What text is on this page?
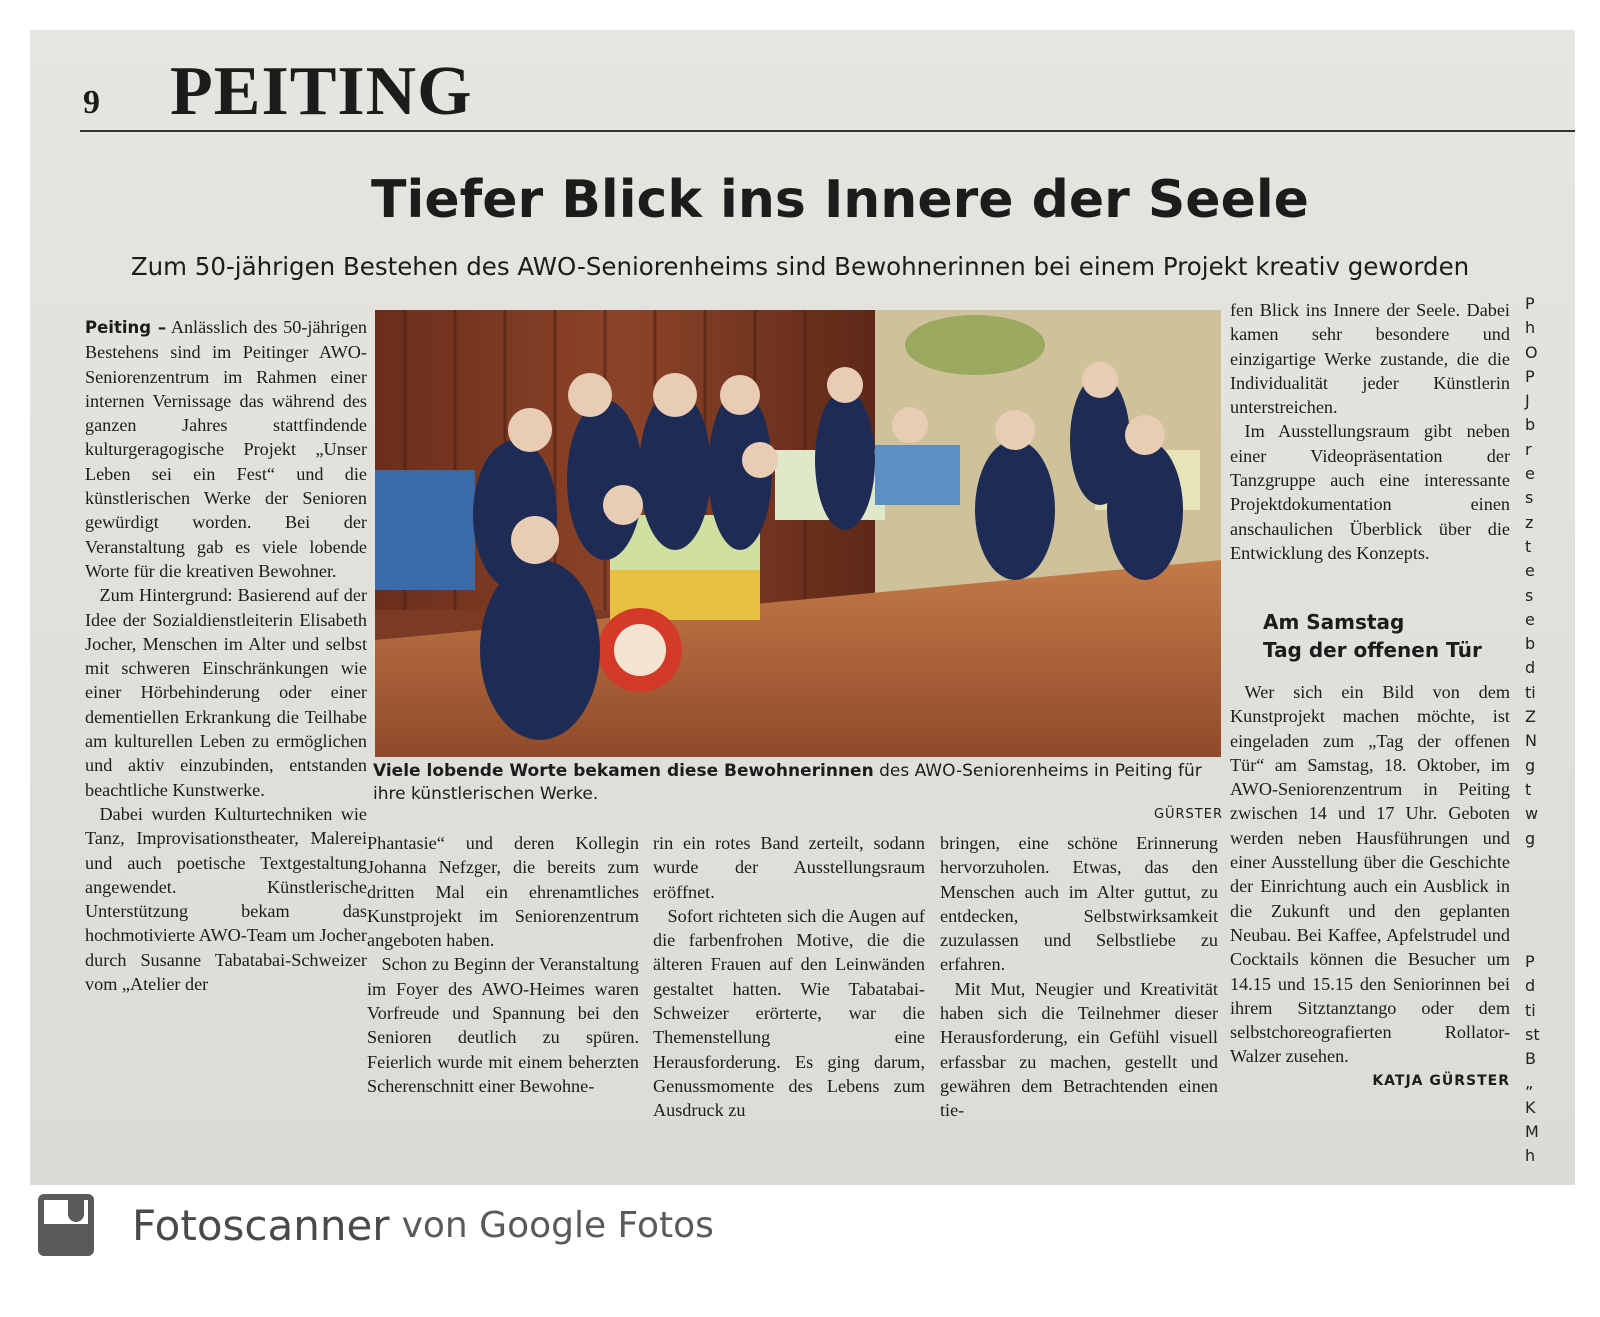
9 PEITING
Tiefer Blick ins Innere der Seele
Zum 50-jährigen Bestehen des AWO-Seniorenheims sind Bewohnerinnen bei einem Projekt kreativ geworden

Peiting – Anlässlich des 50-jährigen Bestehens sind im Peitinger AWO-Seniorenzentrum im Rahmen einer internen Vernissage das während des ganzen Jahres stattfindende kulturgeragogische Projekt „Unser Leben sei ein Fest“ und die künstlerischen Werke der Senioren gewürdigt worden. Bei der Veranstaltung gab es viele lobende Worte für die kreativen Bewohner.

Zum Hintergrund: Basierend auf der Idee der Sozialdienstleiterin Elisabeth Jocher, Menschen im Alter und selbst mit schweren Einschränkungen wie einer Hörbehinderung oder einer dementiellen Erkrankung die Teilhabe am kulturellen Leben zu ermöglichen und aktiv einzubinden, entstanden beachtliche Kunstwerke.

Dabei wurden Kulturtechniken wie Tanz, Improvisationstheater, Malerei und auch poetische Textgestaltung angewendet. Künstlerische Unterstützung bekam das hochmotivierte AWO-Team um Jocher durch Susanne Tabatabai-Schweizer vom „Atelier der

Viele lobende Worte bekamen diese Bewohnerinnen des AWO-Seniorenheims in Peiting für ihre künstlerischen Werke.
GÜRSTER

Phantasie“ und deren Kollegin Johanna Nefzger, die bereits zum dritten Mal ein ehrenamtliches Kunstprojekt im Seniorenzentrum angeboten haben.

Schon zu Beginn der Veranstaltung im Foyer des AWO-Heimes waren Vorfreude und Spannung bei den Senioren deutlich zu spüren. Feierlich wurde mit einem beherzten Scherenschnitt einer Bewohne-

rin ein rotes Band zerteilt, sodann wurde der Ausstellungsraum eröffnet.

Sofort richteten sich die Augen auf die farbenfrohen Motive, die die älteren Frauen auf den Leinwänden gestaltet hatten. Wie Tabatabai-Schweizer erörterte, war die Themenstellung eine Herausforderung. Es ging darum, Genussmomente des Lebens zum Ausdruck zu

bringen, eine schöne Erinnerung hervorzuholen. Etwas, das den Menschen auch im Alter guttut, zu entdecken, Selbstwirksamkeit zuzulassen und Selbstliebe zu erfahren.

Mit Mut, Neugier und Kreativität haben sich die Teilnehmer dieser Herausforderung, ein Gefühl visuell erfassbar zu machen, gestellt und gewähren dem Betrachtenden einen tie-

fen Blick ins Innere der Seele. Dabei kamen sehr besondere und einzigartige Werke zustande, die die Individualität jeder Künstlerin unterstreichen.

Im Ausstellungsraum gibt neben einer Videopräsentation der Tanzgruppe auch eine interessante Projektdokumentation einen anschaulichen Überblick über die Entwicklung des Konzepts.

Am Samstag
Tag der offenen Tür

Wer sich ein Bild von dem Kunstprojekt machen möchte, ist eingeladen zum „Tag der offenen Tür“ am Samstag, 18. Oktober, im AWO-Seniorenzentrum in Peiting zwischen 14 und 17 Uhr. Geboten werden neben Hausführungen und einer Ausstellung über die Geschichte der Einrichtung auch ein Ausblick in die Zukunft und den geplanten Neubau. Bei Kaffee, Apfelstrudel und Cocktails können die Besucher um 14.15 und 15.15 den Seniorinnen bei ihrem Sitztanztango oder dem selbstchoreografierten Rollator-Walzer zusehen.

KATJA GÜRSTER
P
h
O
P
J
b
r
e
s
z
t
e
s
e
b
d
ti
Z
N
g
t
w
g
P
d
ti
st
B
„
K
M
h
Fotoscanner von Google Fotos
